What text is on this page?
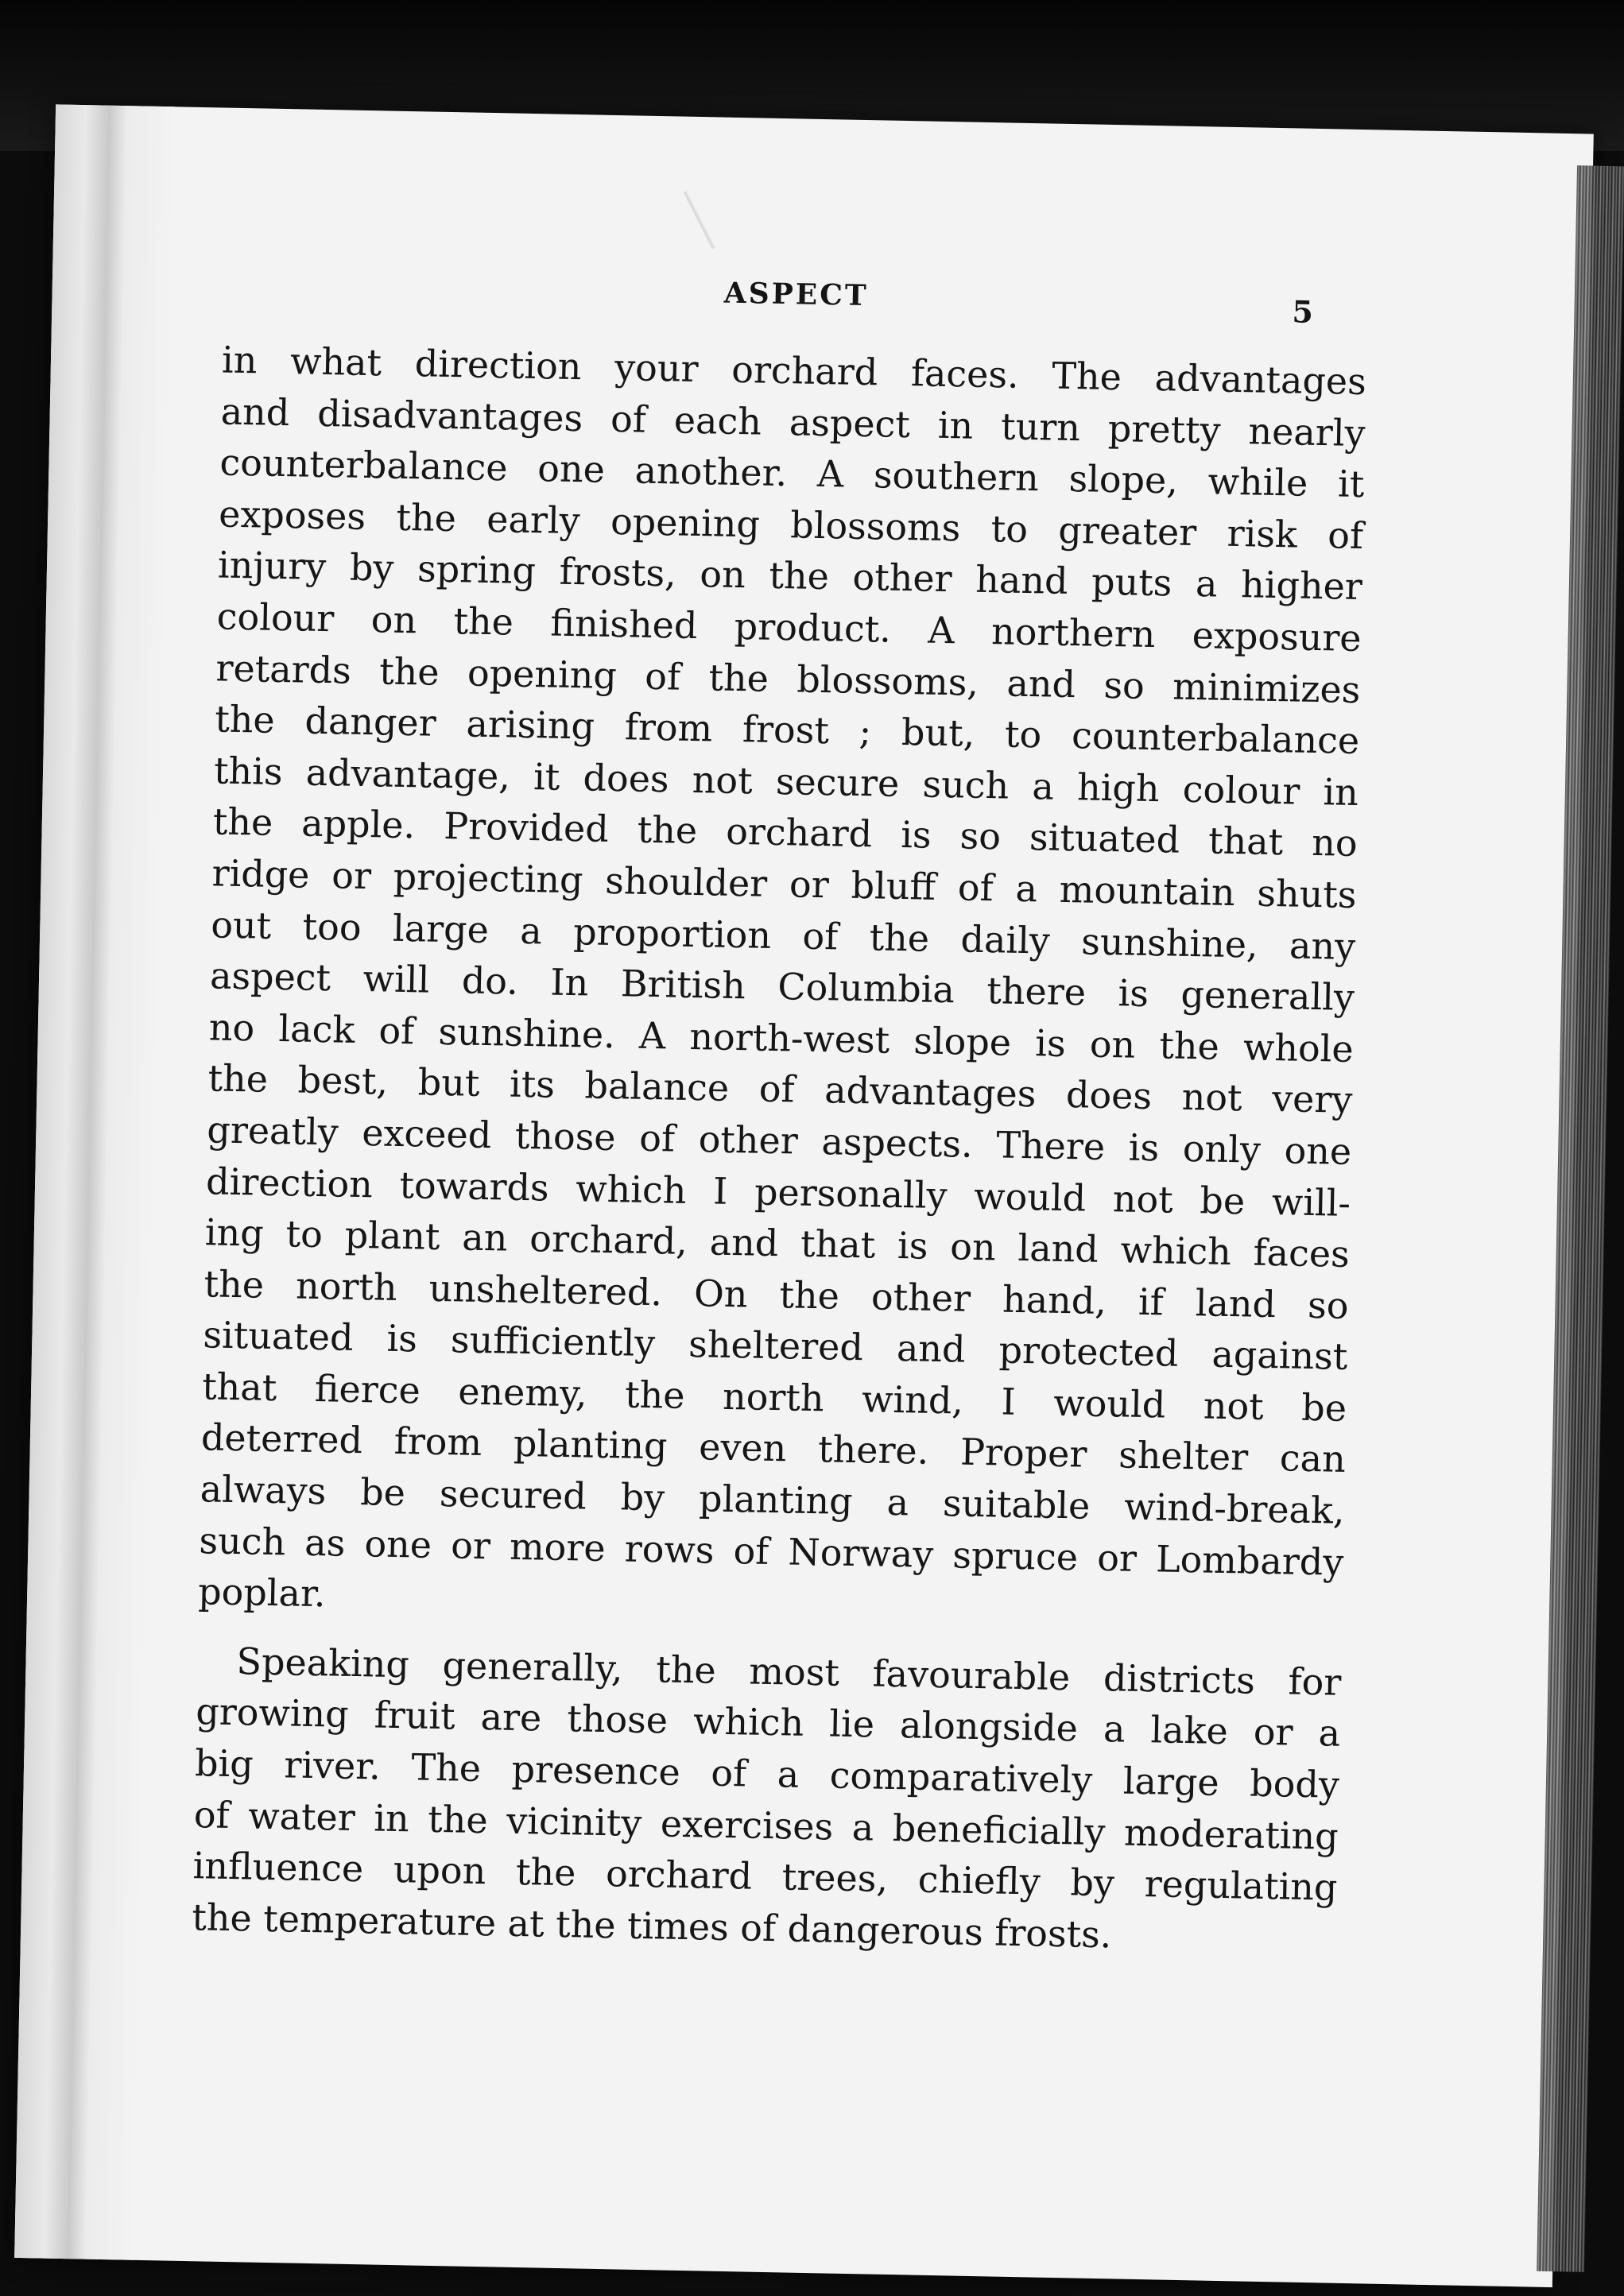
ASPECT	5
in what direction your orchard faces. The advantages
and disadvantages of each aspect in turn pretty nearly
counterbalance one another. A southern slope, while it
exposes the early opening blossoms to greater risk of
injury by spring frosts, on the other hand puts a higher
colour on the finished product. A northern exposure
retards the opening of the blossoms, and so minimizes
the danger arising from frost ; but, to counterbalance
this advantage, it does not secure such a high colour in
the apple. Provided the orchard is so situated that no
ridge or projecting shoulder or bluff of a mountain shuts
out too large a proportion of the daily sunshine, any
aspect will do. In British Columbia there is generally
no lack of sunshine. A north-west slope is on the whole
the best, but its balance of advantages does not very
greatly exceed those of other aspects. There is only one
direction towards which I personally would not be will-
ing to plant an orchard, and that is on land which faces
the north unsheltered. On the other hand, if land so
situated is sufficiently sheltered and protected against
that fierce enemy, the north wind, I would not be
deterred from planting even there. Proper shelter can
always be secured by planting a suitable wind-break,
such as one or more rows of Norway spruce or Lombardy
poplar.
Speaking generally, the most favourable districts for
growing fruit are those which lie alongside a lake or a
big river. The presence of a comparatively large body
of water in the vicinity exercises a beneficially moderating
influence upon the orchard trees, chiefly by regulating
the temperature at the times of dangerous frosts.
